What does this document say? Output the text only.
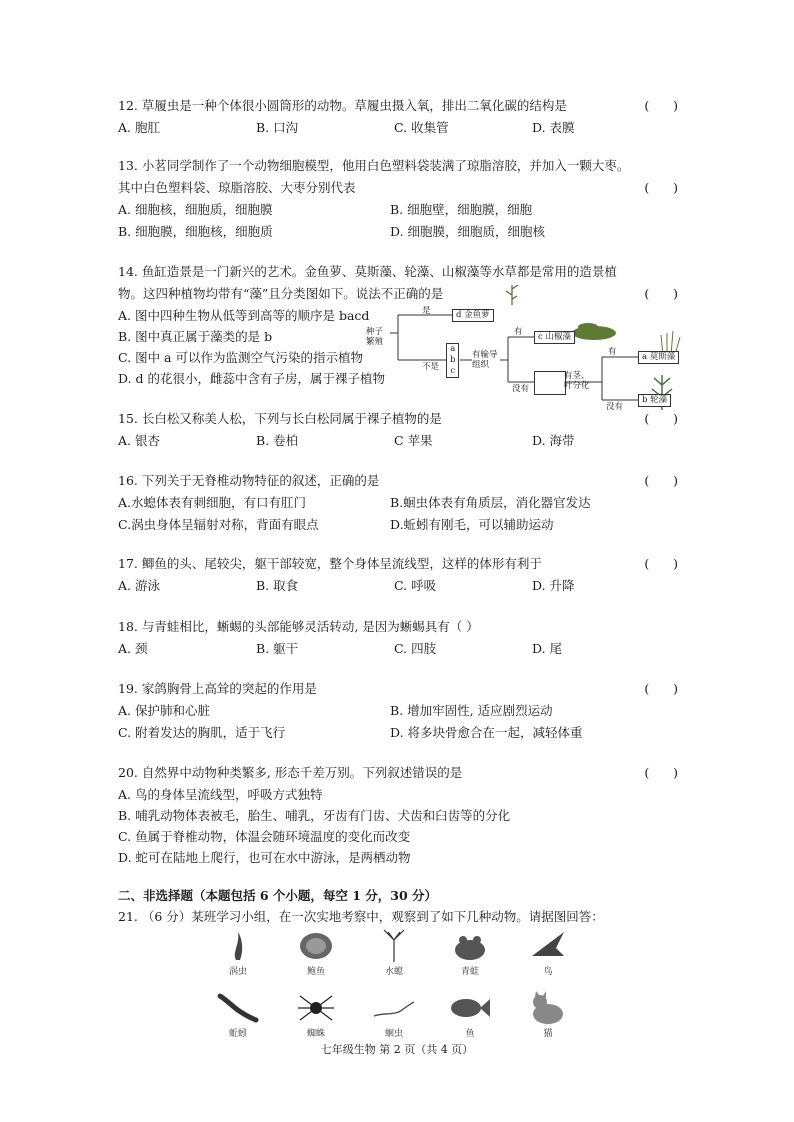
12. 草履虫是一种个体很小圆筒形的动物。草履虫摄入氧，排出二氧化碳的结构是	(      )
A. 胞肛	B. 口沟	C. 收集管	D. 表膜
13. 小茗同学制作了一个动物细胞模型，他用白色塑料袋装满了琼脂溶胶，并加入一颗大枣。
其中白色塑料袋、琼脂溶胶、大枣分别代表	(      )
A. 细胞核，细胞质，细胞膜	B. 细胞壁，细胞膜，细胞
B. 细胞膜，细胞核，细胞质	D. 细胞膜，细胞质，细胞核
14. 鱼缸造景是一门新兴的艺术。金鱼萝、莫斯藻、轮藻、山椒藻等水草都是常用的造景植
物。这四种植物均带有“藻”且分类图如下。说法不正确的是	(      )
A. 图中四种生物从低等到高等的顺序是 bacd
B. 图中真正属于藻类的是 b
C. 图中 a 可以作为监测空气污染的指示植物
D. d 的花很小，雌蕊中含有子房，属于裸子植物
种子
繁殖
是
不是
d 金鱼萝
a
b
c
有输导
组织
有
没有
c 山椒藻
有茎、
叶分化
有
没有
a 莫斯藻
b 轮藻
15. 长白松又称美人松，下列与长白松同属于裸子植物的是	(      )
A. 银杏	B. 卷柏	C 苹果	D. 海带
16. 下列关于无脊椎动物特征的叙述，正确的是	(      )
A.水螅体表有刺细胞，有口有肛门	B.蛔虫体表有角质层，消化器官发达
C.涡虫身体呈辐射对称，背面有眼点	D.蚯蚓有刚毛，可以辅助运动
17. 鲫鱼的头、尾较尖，躯干部较宽，整个身体呈流线型，这样的体形有利于	(      )
A. 游泳	B. 取食	C. 呼吸	D. 升降
18. 与青蛙相比，蜥蜴的头部能够灵活转动, 是因为蜥蜴具有（ ）
A. 颈	B. 躯干	C. 四肢	D. 尾
19. 家鸽胸骨上高耸的突起的作用是	(      )
A. 保护肺和心脏	B. 增加牢固性, 适应剧烈运动
C. 附着发达的胸肌，适于飞行	D. 将多块骨愈合在一起，减轻体重
20. 自然界中动物种类繁多, 形态千差万别。下列叙述错误的是	(      )
A. 鸟的身体呈流线型，呼吸方式独特
B. 哺乳动物体表被毛，胎生、哺乳，牙齿有门齿、犬齿和臼齿等的分化
C. 鱼属于脊椎动物，体温会随环境温度的变化而改变
D. 蛇可在陆地上爬行，也可在水中游泳，是两栖动物
二、非选择题（本题包括 6 个小题，每空 1 分，30 分）
21. （6 分）某班学习小组，在一次实地考察中，观察到了如下几种动物。请据图回答：
涡虫	鲍鱼	水螅	青蛙	鸟
蚯蚓	蜘蛛	蛔虫	鱼	猫
七年级生物 第 2 页（共 4 页）
